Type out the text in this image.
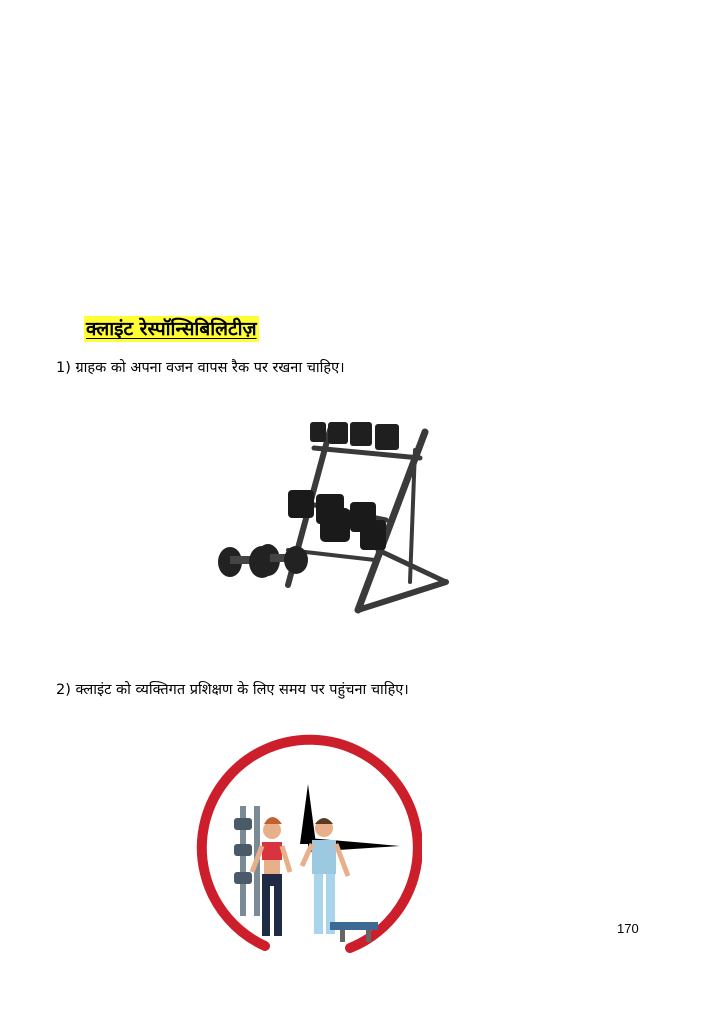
क्लाइंट रेस्पॉन्सिबिलिटीज़
1) ग्राहक को अपना वजन वापस रैक पर रखना चाहिए।
2) क्लाइंट को व्यक्तिगत प्रशिक्षण के लिए समय पर पहुंचना चाहिए।
170
